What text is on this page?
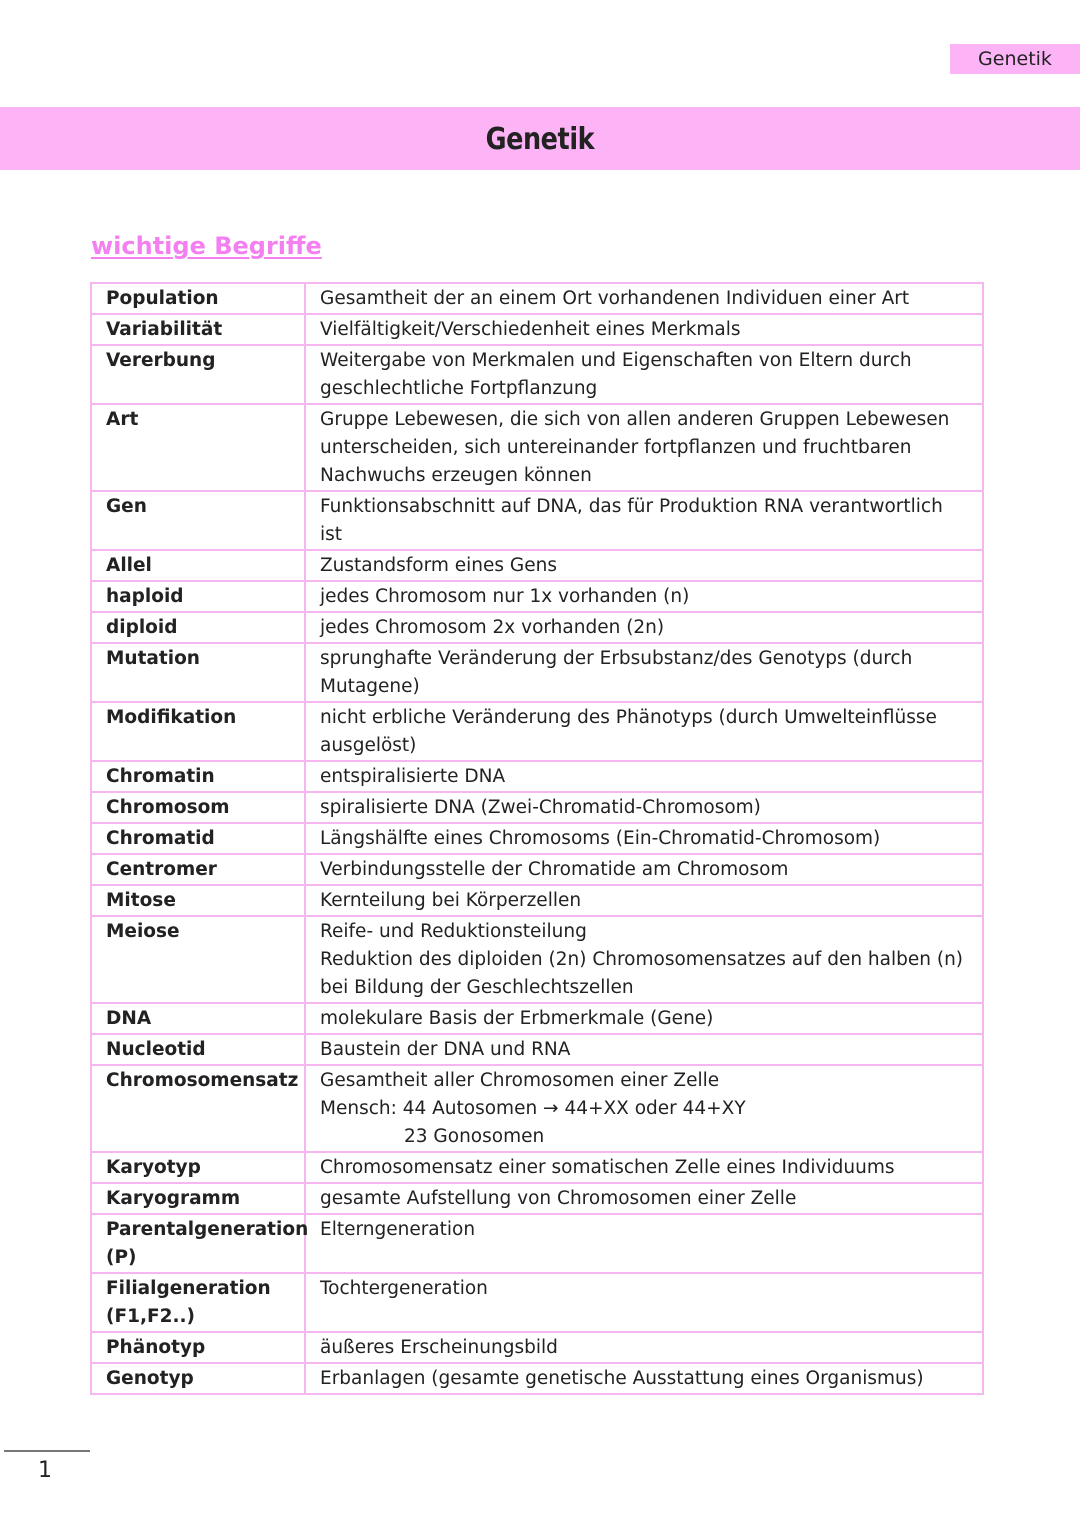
Genetik
Genetik
wichtige Begriffe
Population	Gesamtheit der an einem Ort vorhandenen Individuen einer Art

Variabilität	Vielfältigkeit/Verschiedenheit eines Merkmals

Vererbung	Weitergabe von Merkmalen und Eigenschaften von Eltern durch geschlechtliche Fortpflanzung

Art	Gruppe Lebewesen, die sich von allen anderen Gruppen Lebewesen unterscheiden, sich untereinander fortpflanzen und fruchtbaren Nachwuchs erzeugen können

Gen	Funktionsabschnitt auf DNA, das für Produktion RNA verantwortlich ist

Allel	Zustandsform eines Gens

haploid	jedes Chromosom nur 1x vorhanden (n)

diploid	jedes Chromosom 2x vorhanden (2n)

Mutation	sprunghafte Veränderung der Erbsubstanz/des Genotyps (durch Mutagene)

Modifikation	nicht erbliche Veränderung des Phänotyps (durch Umwelteinflüsse ausgelöst)

Chromatin	entspiralisierte DNA

Chromosom	spiralisierte DNA (Zwei-Chromatid-Chromosom)

Chromatid	Längshälfte eines Chromosoms (Ein-Chromatid-Chromosom)

Centromer	Verbindungsstelle der Chromatide am Chromosom

Mitose	Kernteilung bei Körperzellen

Meiose	Reife- und Reduktionsteilung
Reduktion des diploiden (2n) Chromosomensatzes auf den halben (n) bei Bildung der Geschlechtszellen

DNA	molekulare Basis der Erbmerkmale (Gene)

Nucleotid	Baustein der DNA und RNA

Chromosomensatz	Gesamtheit aller Chromosomen einer Zelle
Mensch: 44 Autosomen → 44+XX oder 44+XY
23 Gonosomen

Karyotyp	Chromosomensatz einer somatischen Zelle eines Individuums

Karyogramm	gesamte Aufstellung von Chromosomen einer Zelle

Parentalgeneration (P)	Elterngeneration

Filialgeneration (F1,F2..)	Tochtergeneration

Phänotyp	äußeres Erscheinungsbild

Genotyp	Erbanlagen (gesamte genetische Ausstattung eines Organismus)
1
